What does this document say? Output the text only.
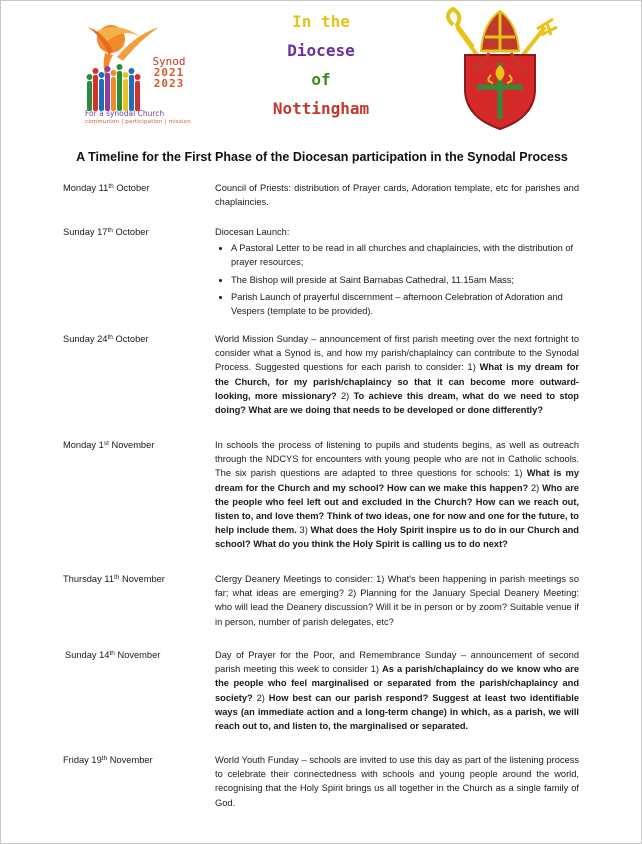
Synod
2021
2023
For a synodal Church
communion | participation | mission
In the
Diocese
of
Nottingham
A Timeline for the First Phase of the Diocesan participation in the Synodal Process
Monday 11th October	Council of Priests: distribution of Prayer cards, Adoration template, etc for parishes and chaplaincies.
Sunday 17th October	Diocesan Launch:
• A Pastoral Letter to be read in all churches and chaplaincies, with the distribution of prayer resources;
• The Bishop will preside at Saint Barnabas Cathedral, 11.15am Mass;
• Parish Launch of prayerful discernment – afternoon Celebration of Adoration and Vespers (template to be provided).
Sunday 24th October	World Mission Sunday – announcement of first parish meeting over the next fortnight to consider what a Synod is, and how my parish/chaplaincy can contribute to the Synodal Process. Suggested questions for each parish to consider: 1) What is my dream for the Church, for my parish/chaplaincy so that it can become more outward-looking, more missionary? 2) To achieve this dream, what do we need to stop doing? What are we doing that needs to be developed or done differently?
Monday 1st November	In schools the process of listening to pupils and students begins, as well as outreach through the NDCYS for encounters with young people who are not in Catholic schools. The six parish questions are adapted to three questions for schools: 1) What is my dream for the Church and my school? How can we make this happen? 2) Who are the people who feel left out and excluded in the Church? How can we reach out, listen to, and love them? Think of two ideas, one for now and one for the future, to help include them. 3) What does the Holy Spirit inspire us to do in our Church and school? What do you think the Holy Spirit is calling us to do next?
Thursday 11th November	Clergy Deanery Meetings to consider: 1) What's been happening in parish meetings so far; what ideas are emerging? 2) Planning for the January Special Deanery Meeting: who will lead the Deanery discussion? Will it be in person or by zoom? Suitable venue if in person, number of parish delegates, etc?
Sunday 14th November	Day of Prayer for the Poor, and Remembrance Sunday – announcement of second parish meeting this week to consider 1) As a parish/chaplaincy do we know who are the people who feel marginalised or separated from the parish/chaplaincy and society? 2) How best can our parish respond? Suggest at least two identifiable ways (an immediate action and a long-term change) in which, as a parish, we will reach out to, and listen to, the marginalised or separated.
Friday 19th November	World Youth Funday – schools are invited to use this day as part of the listening process to celebrate their connectedness with schools and young people around the world, recognising that the Holy Spirit brings us all together in the Church as a single family of God.
